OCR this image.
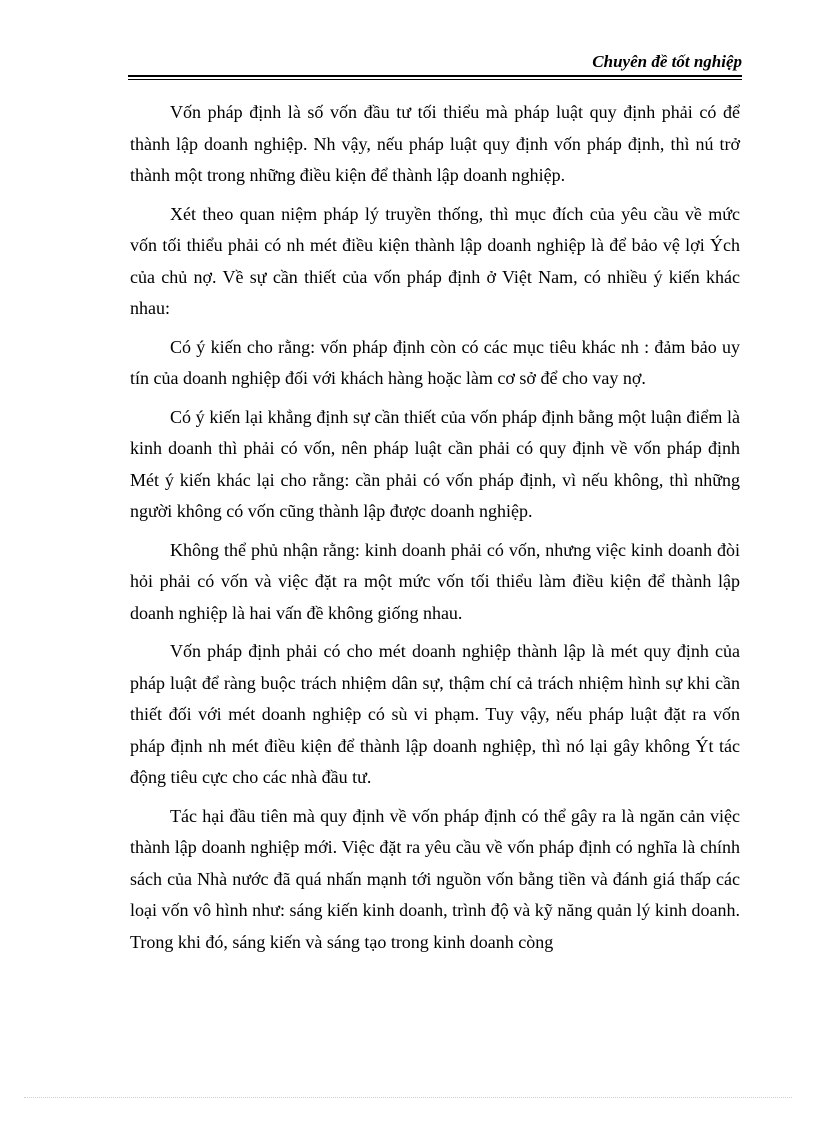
Chuyên đề tốt nghiệp

Vốn pháp định là số vốn đầu tư tối thiểu mà pháp luật quy định phải có để thành lập doanh nghiệp. Nh vậy, nếu pháp luật quy định vốn pháp định, thì nú trở thành một trong những điều kiện để thành lập doanh nghiệp.

Xét theo quan niệm pháp lý truyền thống, thì mục đích của yêu cầu về mức vốn tối thiểu phải có nh mét điều kiện thành lập doanh nghiệp là để bảo vệ lợi Ých của chủ nợ. Về sự cần thiết của vốn pháp định ở Việt Nam, có nhiều ý kiến khác nhau:

Có ý kiến cho rằng: vốn pháp định còn có các mục tiêu khác nh : đảm bảo uy tín của doanh nghiệp đối với khách hàng hoặc làm cơ sở để cho vay nợ.

Có ý kiến lại khẳng định sự cần thiết của vốn pháp định bằng một luận điểm là kinh doanh thì phải có vốn, nên pháp luật cần phải có quy định về vốn pháp định Mét ý kiến khác lại cho rằng: cần phải có vốn pháp định, vì nếu không, thì những người không có vốn cũng thành lập được doanh nghiệp.

Không thể phủ nhận rằng: kinh doanh phải có vốn, nhưng việc kinh doanh đòi hỏi phải có vốn và việc đặt ra một mức vốn tối thiểu làm điều kiện để thành lập doanh nghiệp là hai vấn đề không giống nhau.

Vốn pháp định phải có cho mét doanh nghiệp thành lập là mét quy định của pháp luật để ràng buộc trách nhiệm dân sự, thậm chí cả trách nhiệm hình sự khi cần thiết đối với mét doanh nghiệp có sù vi phạm. Tuy vậy, nếu pháp luật đặt ra vốn pháp định nh mét điều kiện để thành lập doanh nghiệp, thì nó lại gây không Ýt tác động tiêu cực cho các nhà đầu tư.

Tác hại đầu tiên mà quy định về vốn pháp định có thể gây ra là ngăn cản việc thành lập doanh nghiệp mới. Việc đặt ra yêu cầu về vốn pháp định có nghĩa là chính sách của Nhà nước đã quá nhấn mạnh tới nguồn vốn bằng tiền và đánh giá thấp các loại vốn vô hình như: sáng kiến kinh doanh, trình độ và kỹ năng quản lý kinh doanh. Trong khi đó, sáng kiến và sáng tạo trong kinh doanh còng
